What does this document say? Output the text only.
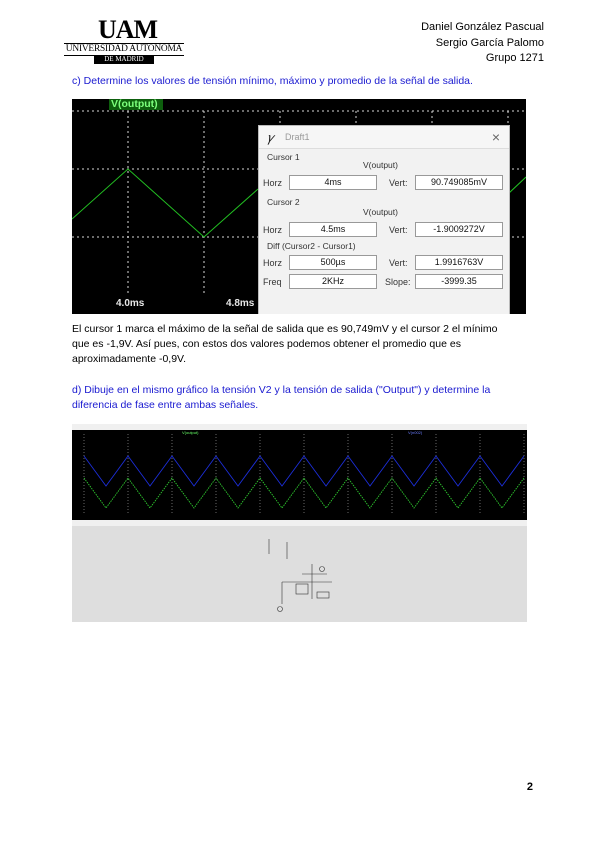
UAM
UNIVERSIDAD AUTONOMA
DE MADRID
Daniel González Pascual
Sergio García Palomo
Grupo 1271
c) Determine los valores de tensión mínimo, máximo y promedio de la señal de salida.
V(output)
4.0ms	4.8ms
𝛾 Draft1	×
Cursor 1
V(output)
Horz	4ms	Vert:	90.749085mV
Cursor 2
V(output)
Horz	4.5ms	Vert:	-1.9009272V
Diff (Cursor2 - Cursor1)
Horz	500µs	Vert:	1.9916763V
Freq	2KHz	Slope:	-3999.35
El cursor 1 marca el máximo de la señal de salida que es 90,749mV y el cursor 2 el mínimo
que es -1,9V. Así pues, con estos dos valores podemos obtener el promedio que es
aproximadamente -0,9V.
d) Dibuje en el mismo gráfico la tensión V2 y la tensión de salida ("Output") y determine la
diferencia de fase entre ambas señales.
V(output)	V(n002)
2
